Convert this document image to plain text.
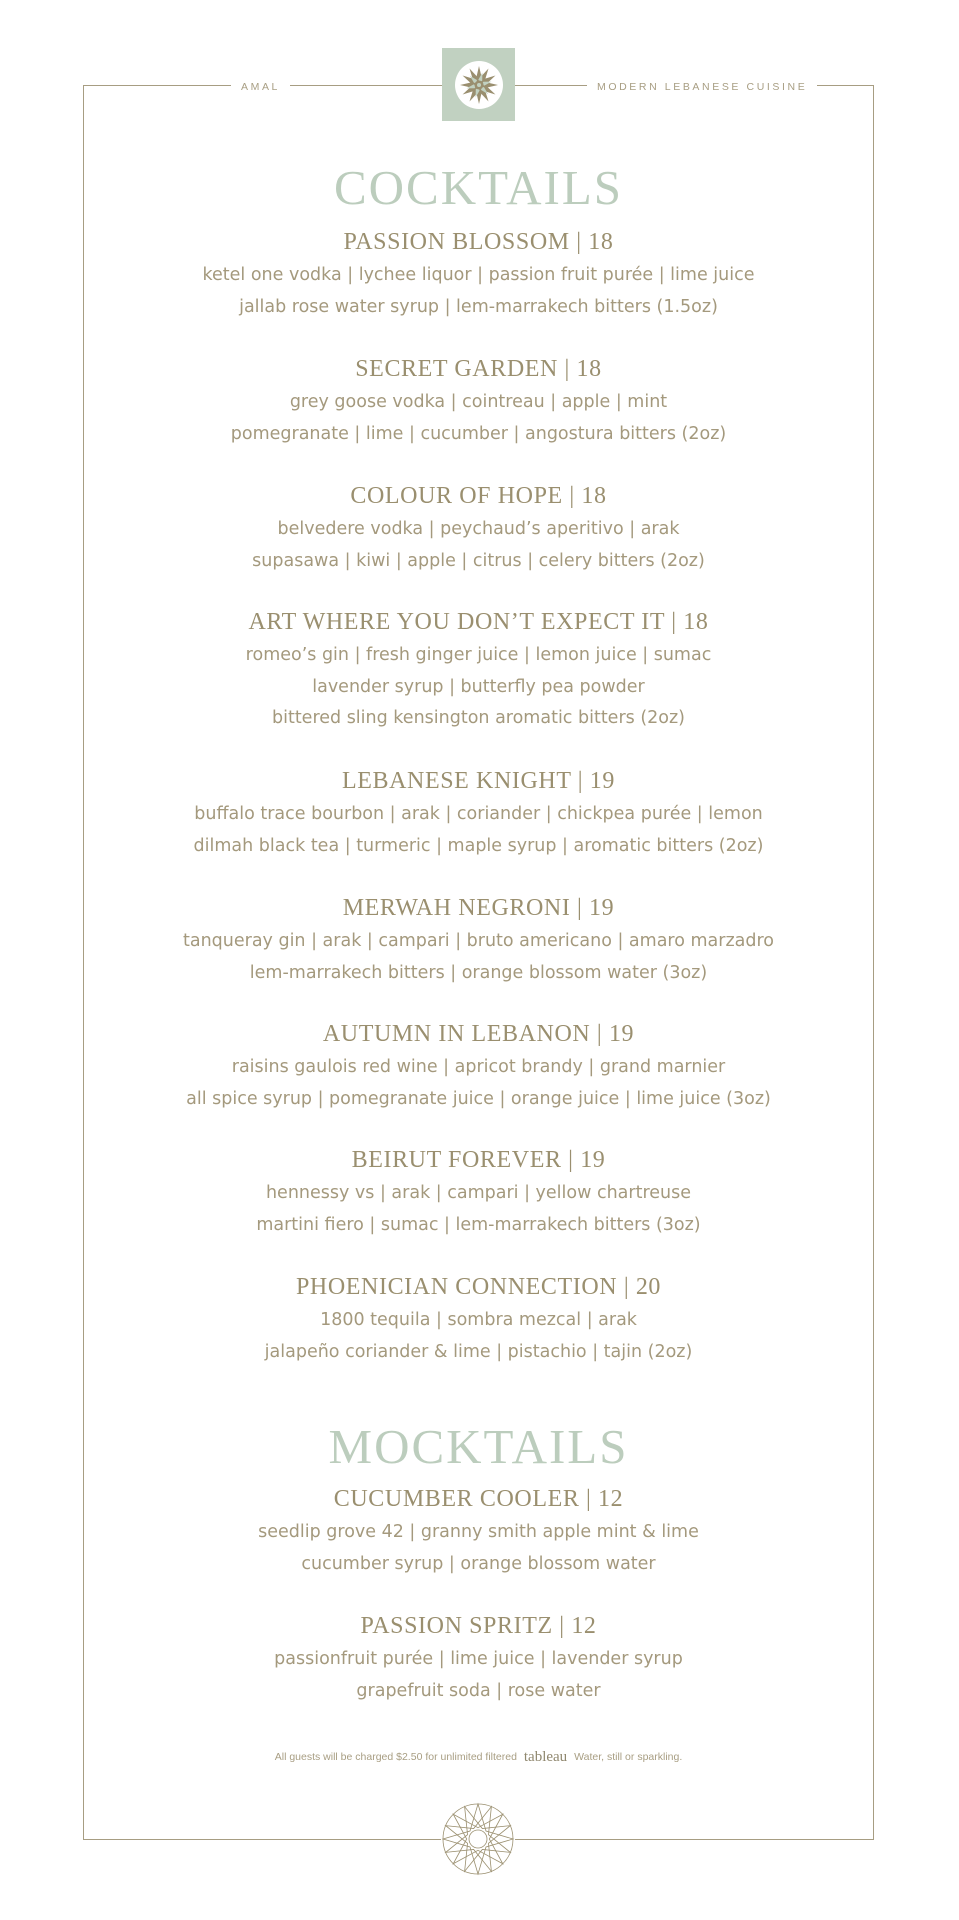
AMAL	MODERN LEBANESE CUISINE
COCKTAILS
PASSION BLOSSOM | 18
ketel one vodka | lychee liquor | passion fruit purée | lime juice
jallab rose water syrup | lem-marrakech bitters (1.5oz)
SECRET GARDEN | 18
grey goose vodka | cointreau | apple | mint
pomegranate | lime | cucumber | angostura bitters (2oz)
COLOUR OF HOPE | 18
belvedere vodka | peychaud’s aperitivo | arak
supasawa | kiwi | apple | citrus | celery bitters (2oz)
ART WHERE YOU DON’T EXPECT IT | 18
romeo’s gin | fresh ginger juice | lemon juice | sumac
lavender syrup | butterfly pea powder
bittered sling kensington aromatic bitters (2oz)
LEBANESE KNIGHT | 19
buffalo trace bourbon | arak | coriander | chickpea purée | lemon
dilmah black tea | turmeric | maple syrup | aromatic bitters (2oz)
MERWAH NEGRONI | 19
tanqueray gin | arak | campari | bruto americano | amaro marzadro
lem-marrakech bitters | orange blossom water (3oz)
AUTUMN IN LEBANON | 19
raisins gaulois red wine | apricot brandy | grand marnier
all spice syrup | pomegranate juice | orange juice | lime juice (3oz)
BEIRUT FOREVER | 19
hennessy vs | arak | campari | yellow chartreuse
martini fiero | sumac | lem-marrakech bitters (3oz)
PHOENICIAN CONNECTION | 20
1800 tequila | sombra mezcal | arak
jalapeño coriander & lime | pistachio | tajin (2oz)
MOCKTAILS
CUCUMBER COOLER | 12
seedlip grove 42 | granny smith apple mint & lime
cucumber syrup | orange blossom water
PASSION SPRITZ | 12
passionfruit purée | lime juice | lavender syrup
grapefruit soda | rose water
All guests will be charged $2.50 for unlimited filtered tableau Water, still or sparkling.
